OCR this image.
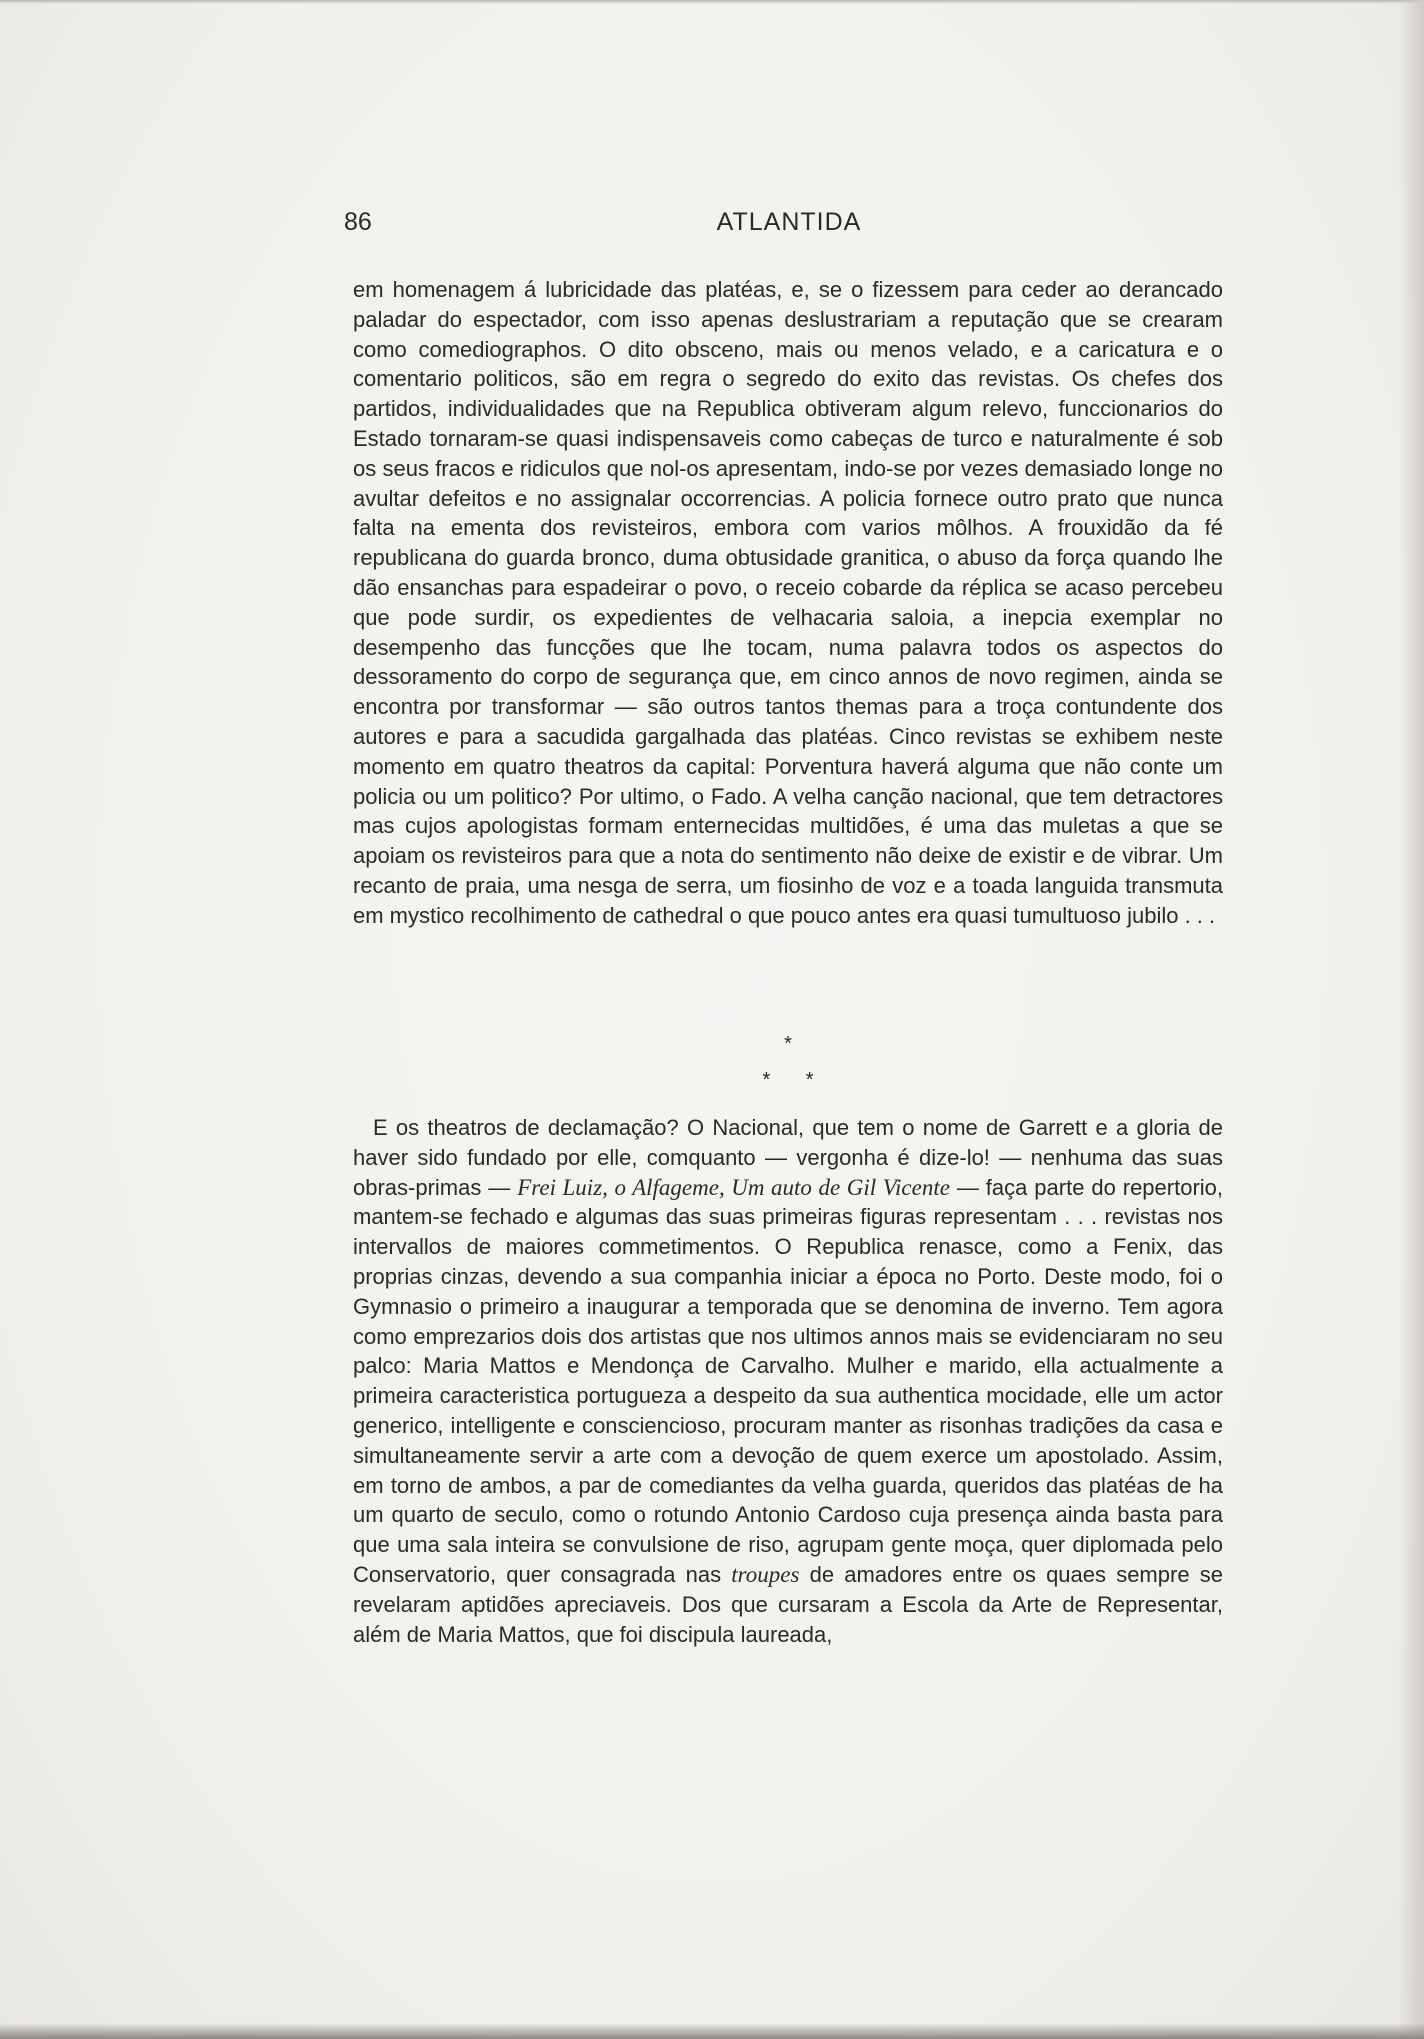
86	ATLANTIDA

em homenagem á lubricidade das platéas, e, se o fizessem para ceder ao derancado paladar do espectador, com isso apenas deslustrariam a reputação que se crearam como comediographos. O dito obsceno, mais ou menos velado, e a caricatura e o comentario politicos, são em regra o segredo do exito das revistas. Os chefes dos partidos, individualidades que na Republica obtiveram algum relevo, funccionarios do Estado tornaram-se quasi indispensaveis como cabeças de turco e naturalmente é sob os seus fracos e ridiculos que nol-os apresentam, indo-se por vezes demasiado longe no avultar defeitos e no assignalar occorrencias. A policia fornece outro prato que nunca falta na ementa dos revisteiros, embora com varios môlhos. A frouxidão da fé republicana do guarda bronco, duma obtusidade granitica, o abuso da força quando lhe dão ensanchas para espadeirar o povo, o receio cobarde da réplica se acaso percebeu que pode surdir, os expedientes de velhacaria saloia, a inepcia exemplar no desempenho das funcções que lhe tocam, numa palavra todos os aspectos do dessoramento do corpo de segurança que, em cinco annos de novo regimen, ainda se encontra por transformar — são outros tantos themas para a troça contundente dos autores e para a sacudida gargalhada das platéas. Cinco revistas se exhibem neste momento em quatro theatros da capital: Porventura haverá alguma que não conte um policia ou um politico? Por ultimo, o Fado. A velha canção nacional, que tem detractores mas cujos apologistas formam enternecidas multidões, é uma das muletas a que se apoiam os revisteiros para que a nota do sentimento não deixe de existir e de vibrar. Um recanto de praia, uma nesga de serra, um fiosinho de voz e a toada languida transmuta em mystico recolhimento de cathedral o que pouco antes era quasi tumultuoso jubilo . . .

*

* *

E os theatros de declamação? O Nacional, que tem o nome de Garrett e a gloria de haver sido fundado por elle, comquanto — vergonha é dize-lo! — nenhuma das suas obras-primas — Frei Luiz, o Alfageme, Um auto de Gil Vicente — faça parte do repertorio, mantem-se fechado e algumas das suas primeiras figuras representam . . . revistas nos intervallos de maiores commetimentos. O Republica renasce, como a Fenix, das proprias cinzas, devendo a sua companhia iniciar a época no Porto. Deste modo, foi o Gymnasio o primeiro a inaugurar a temporada que se denomina de inverno. Tem agora como emprezarios dois dos artistas que nos ultimos annos mais se evidenciaram no seu palco: Maria Mattos e Mendonça de Carvalho. Mulher e marido, ella actualmente a primeira caracteristica portugueza a despeito da sua authentica mocidade, elle um actor generico, intelligente e consciencioso, procuram manter as risonhas tradições da casa e simultaneamente servir a arte com a devoção de quem exerce um apostolado. Assim, em torno de ambos, a par de comediantes da velha guarda, queridos das platéas de ha um quarto de seculo, como o rotundo Antonio Cardoso cuja presença ainda basta para que uma sala inteira se convulsione de riso, agrupam gente moça, quer diplomada pelo Conservatorio, quer consagrada nas troupes de amadores entre os quaes sempre se revelaram aptidões apreciaveis. Dos que cursaram a Escola da Arte de Representar, além de Maria Mattos, que foi discipula laureada,
